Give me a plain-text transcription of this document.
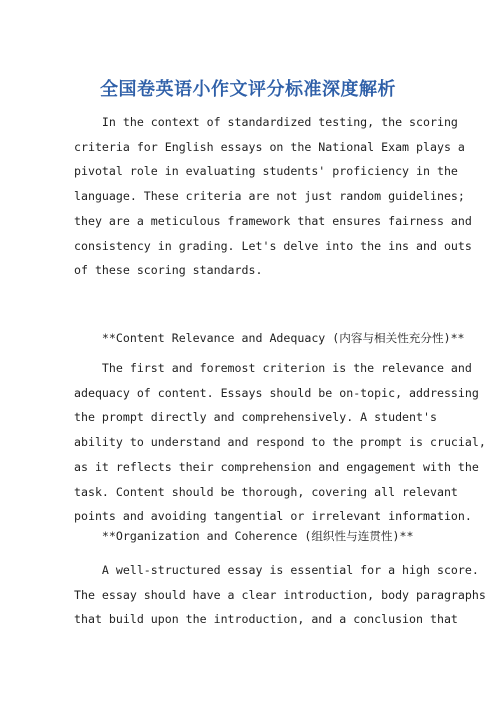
全国卷英语小作文评分标准深度解析
In the context of standardized testing, the scoring
criteria for English essays on the National Exam plays a
pivotal role in evaluating students' proficiency in the
language. These criteria are not just random guidelines;
they are a meticulous framework that ensures fairness and
consistency in grading. Let's delve into the ins and outs
of these scoring standards.
**Content Relevance and Adequacy (内容与相关性充分性)**
The first and foremost criterion is the relevance and
adequacy of content. Essays should be on-topic, addressing
the prompt directly and comprehensively. A student's
ability to understand and respond to the prompt is crucial,
as it reflects their comprehension and engagement with the
task. Content should be thorough, covering all relevant
points and avoiding tangential or irrelevant information.
**Organization and Coherence (组织性与连贯性)**
A well-structured essay is essential for a high score.
The essay should have a clear introduction, body paragraphs
that build upon the introduction, and a conclusion that
